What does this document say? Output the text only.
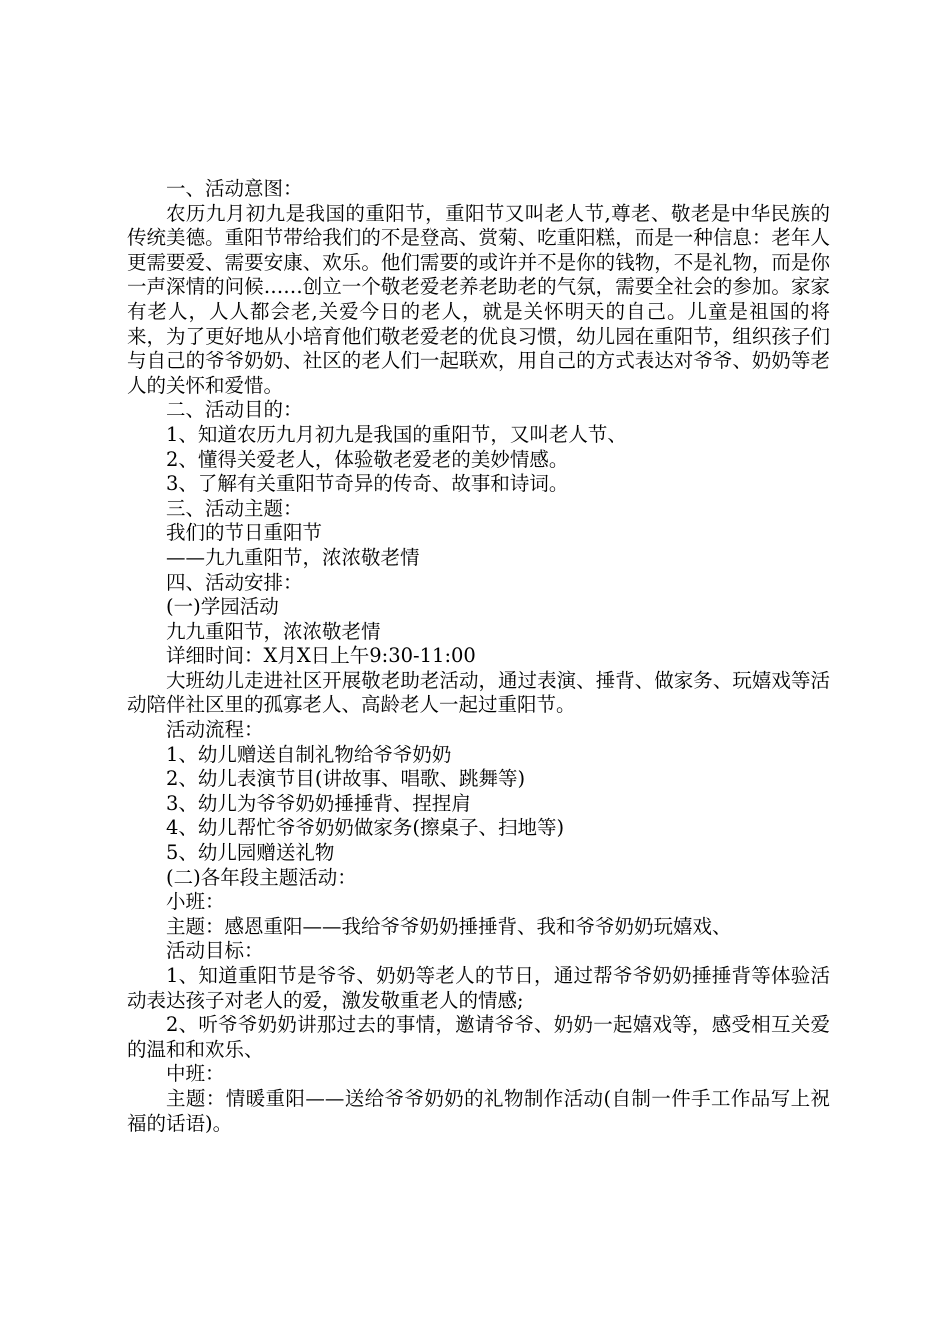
一、活动意图：

农历九月初九是我国的重阳节，重阳节又叫老人节,尊老、敬老是中华民族的传统美德。重阳节带给我们的不是登高、赏菊、吃重阳糕，而是一种信息：老年人更需要爱、需要安康、欢乐。他们需要的或许并不是你的钱物，不是礼物，而是你一声深情的问候……创立一个敬老爱老养老助老的气氛，需要全社会的参加。家家有老人，人人都会老,关爱今日的老人，就是关怀明天的自己。儿童是祖国的将来，为了更好地从小培育他们敬老爱老的优良习惯，幼儿园在重阳节，组织孩子们与自己的爷爷奶奶、社区的老人们一起联欢，用自己的方式表达对爷爷、奶奶等老人的关怀和爱惜。

二、活动目的：

1、知道农历九月初九是我国的重阳节，又叫老人节、

2、懂得关爱老人，体验敬老爱老的美妙情感。

3、了解有关重阳节奇异的传奇、故事和诗词。

三、活动主题：

我们的节日重阳节

——九九重阳节，浓浓敬老情

四、活动安排：

(一)学园活动

九九重阳节，浓浓敬老情

详细时间：X月X日上午9:30-11:00

大班幼儿走进社区开展敬老助老活动，通过表演、捶背、做家务、玩嬉戏等活动陪伴社区里的孤寡老人、高龄老人一起过重阳节。

活动流程：

1、幼儿赠送自制礼物给爷爷奶奶

2、幼儿表演节目(讲故事、唱歌、跳舞等)

3、幼儿为爷爷奶奶捶捶背、捏捏肩

4、幼儿帮忙爷爷奶奶做家务(擦桌子、扫地等)

5、幼儿园赠送礼物

(二)各年段主题活动：

小班：

主题：感恩重阳——我给爷爷奶奶捶捶背、我和爷爷奶奶玩嬉戏、

活动目标：

1、知道重阳节是爷爷、奶奶等老人的节日，通过帮爷爷奶奶捶捶背等体验活动表达孩子对老人的爱，激发敬重老人的情感;

2、听爷爷奶奶讲那过去的事情，邀请爷爷、奶奶一起嬉戏等，感受相互关爱的温和和欢乐、

中班：

主题：情暖重阳——送给爷爷奶奶的礼物制作活动(自制一件手工作品写上祝福的话语)。
